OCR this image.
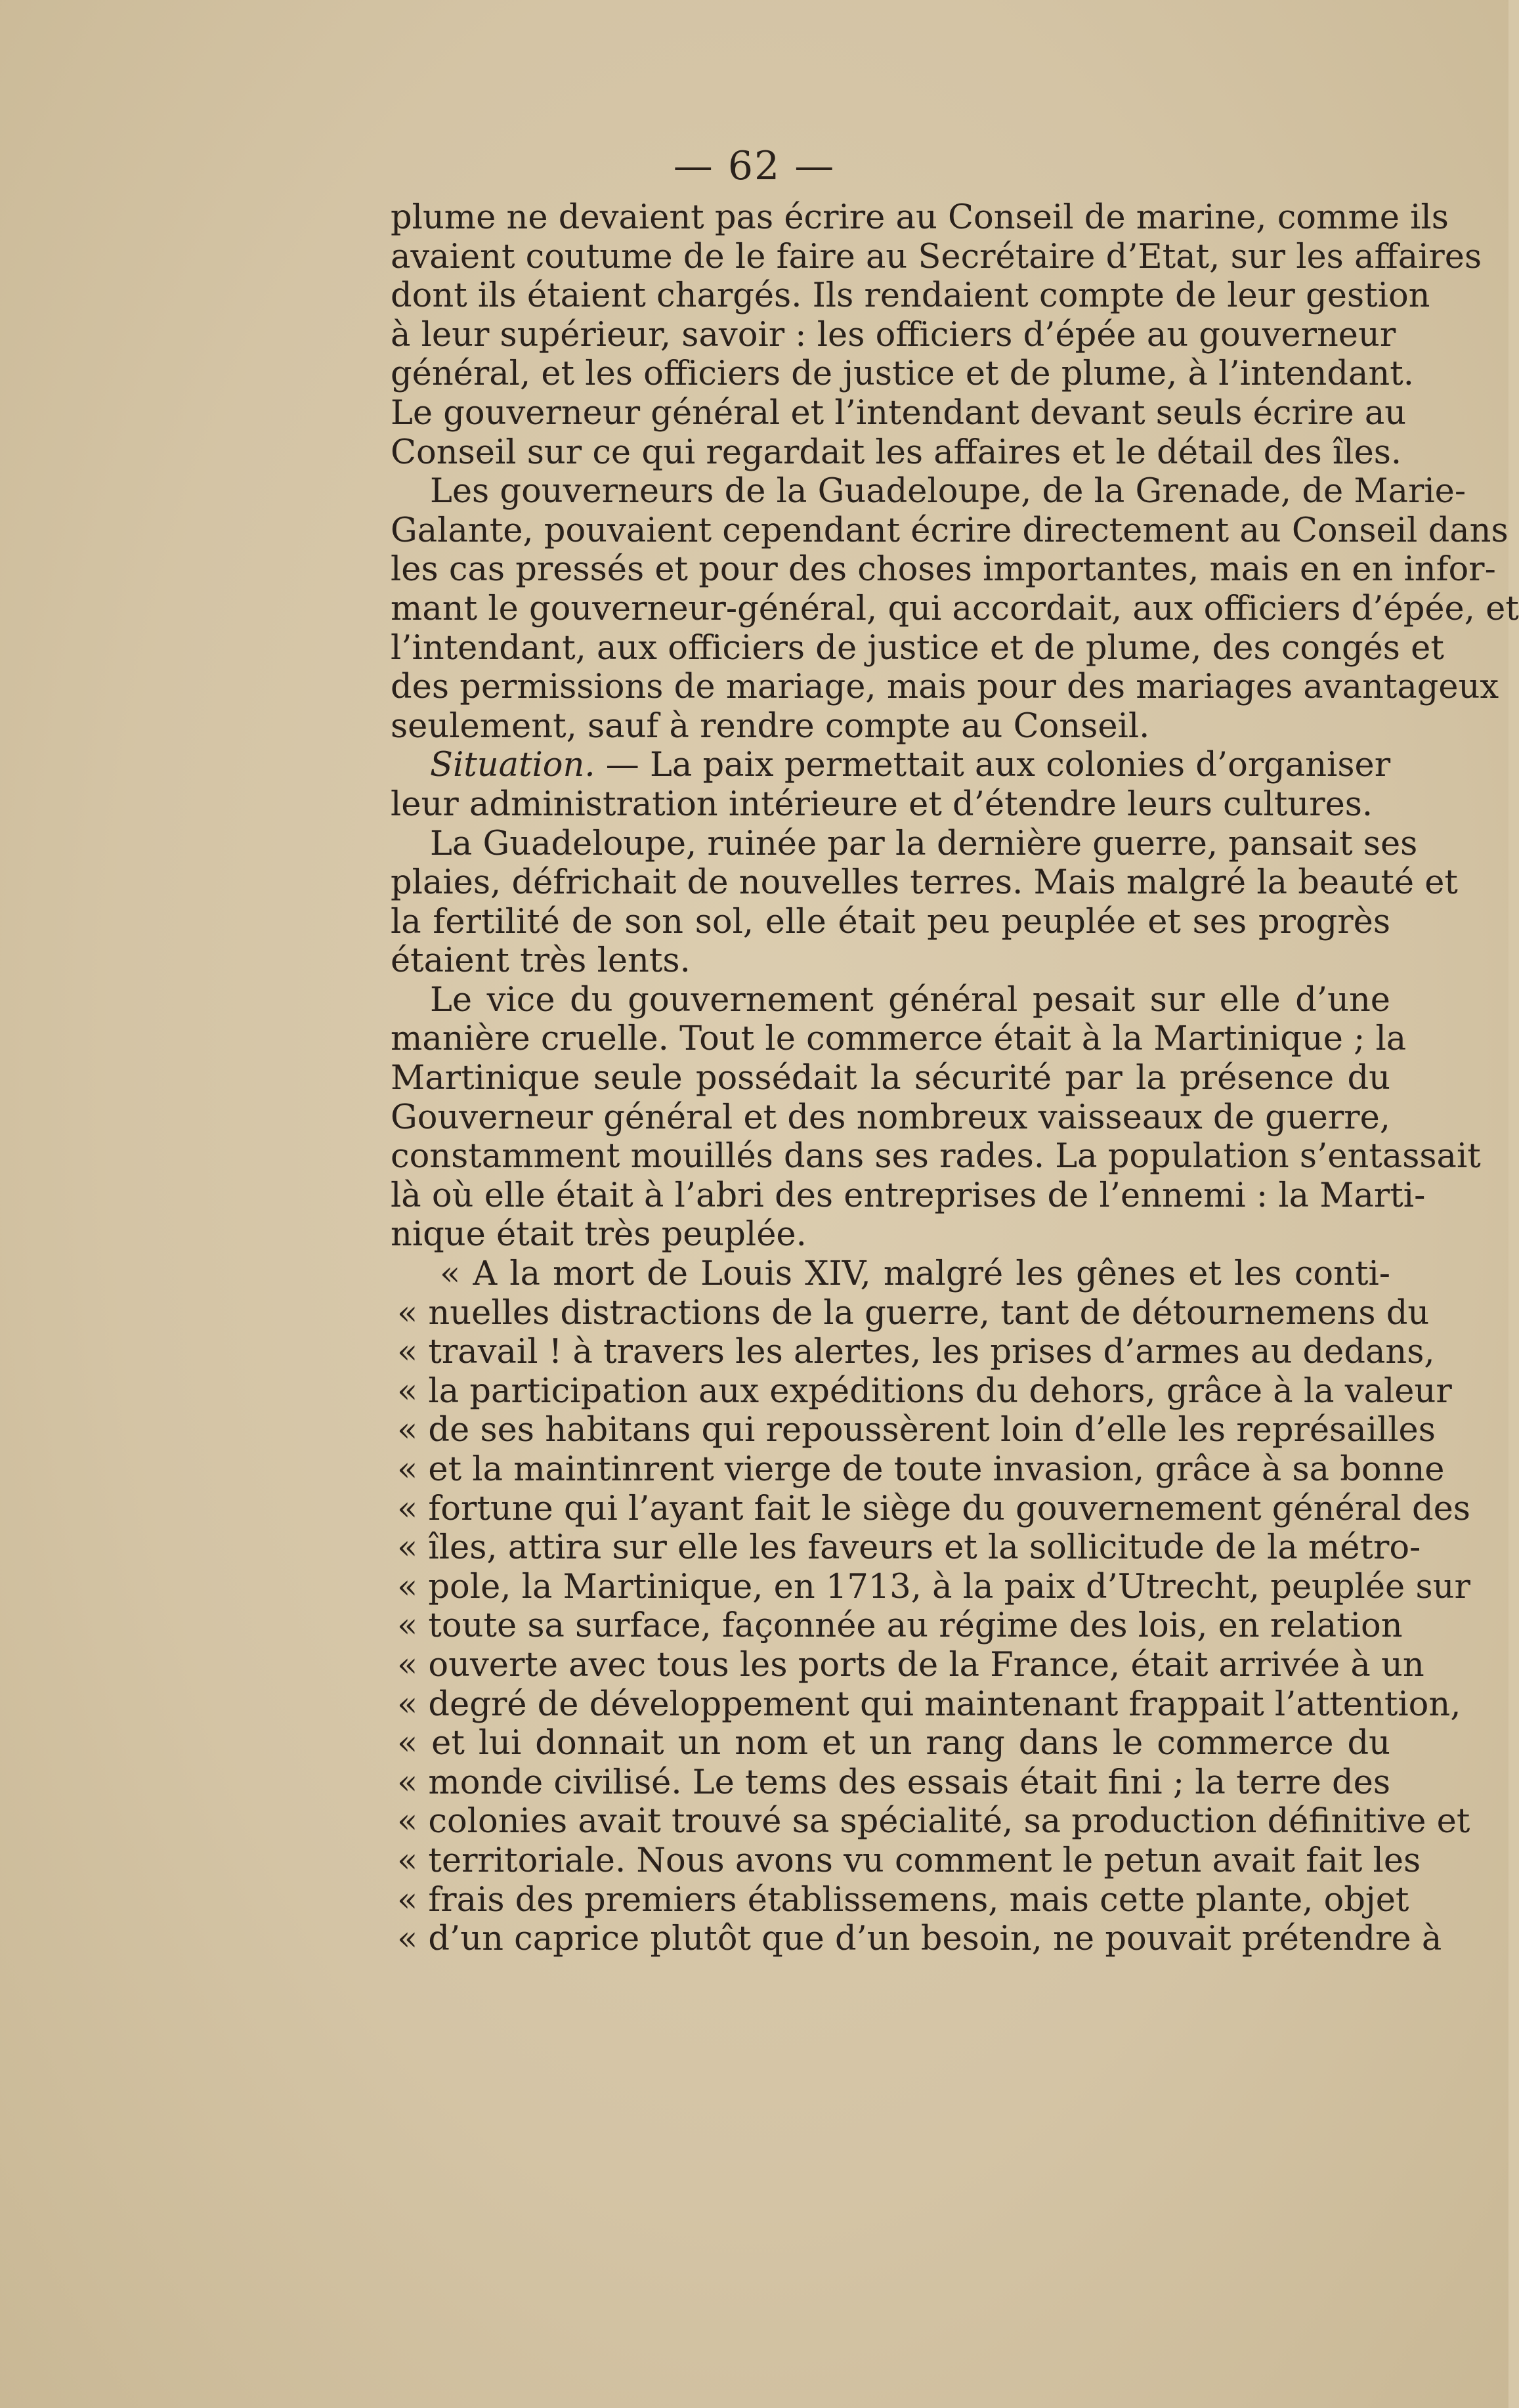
— 62 —
plume ne devaient pas écrire au Conseil de marine, comme ils
avaient coutume de le faire au Secrétaire d’Etat, sur les affaires
dont ils étaient chargés. Ils rendaient compte de leur gestion
à leur supérieur, savoir : les officiers d’épée au gouverneur
général, et les officiers de justice et de plume, à l’intendant.
Le gouverneur général et l’intendant devant seuls écrire au
Conseil sur ce qui regardait les affaires et le détail des îles.
Les gouverneurs de la Guadeloupe, de la Grenade, de Marie-
Galante, pouvaient cependant écrire directement au Conseil dans
les cas pressés et pour des choses importantes, mais en en infor-
mant le gouverneur-général, qui accordait, aux officiers d’épée, et
l’intendant, aux officiers de justice et de plume, des congés et
des permissions de mariage, mais pour des mariages avantageux
seulement, sauf à rendre compte au Conseil.
Situation. — La paix permettait aux colonies d’organiser
leur administration intérieure et d’étendre leurs cultures.
La Guadeloupe, ruinée par la dernière guerre, pansait ses
plaies, défrichait de nouvelles terres. Mais malgré la beauté et
la fertilité de son sol, elle était peu peuplée et ses progrès
étaient très lents.
Le vice du gouvernement général pesait sur elle d’une
manière cruelle. Tout le commerce était à la Martinique ; la
Martinique seule possédait la sécurité par la présence du
Gouverneur général et des nombreux vaisseaux de guerre,
constamment mouillés dans ses rades. La population s’entassait
là où elle était à l’abri des entreprises de l’ennemi : la Marti-
nique était très peuplée.
« A la mort de Louis XIV, malgré les gênes et les conti-
« nuelles distractions de la guerre, tant de détournemens du
« travail ! à travers les alertes, les prises d’armes au dedans,
« la participation aux expéditions du dehors, grâce à la valeur
« de ses habitans qui repoussèrent loin d’elle les représailles
« et la maintinrent vierge de toute invasion, grâce à sa bonne
« fortune qui l’ayant fait le siège du gouvernement général des
« îles, attira sur elle les faveurs et la sollicitude de la métro-
« pole, la Martinique, en 1713, à la paix d’Utrecht, peuplée sur
« toute sa surface, façonnée au régime des lois, en relation
« ouverte avec tous les ports de la France, était arrivée à un
« degré de développement qui maintenant frappait l’attention,
« et lui donnait un nom et un rang dans le commerce du
« monde civilisé. Le tems des essais était fini ; la terre des
« colonies avait trouvé sa spécialité, sa production définitive et
« territoriale. Nous avons vu comment le petun avait fait les
« frais des premiers établissemens, mais cette plante, objet
« d’un caprice plutôt que d’un besoin, ne pouvait prétendre à
